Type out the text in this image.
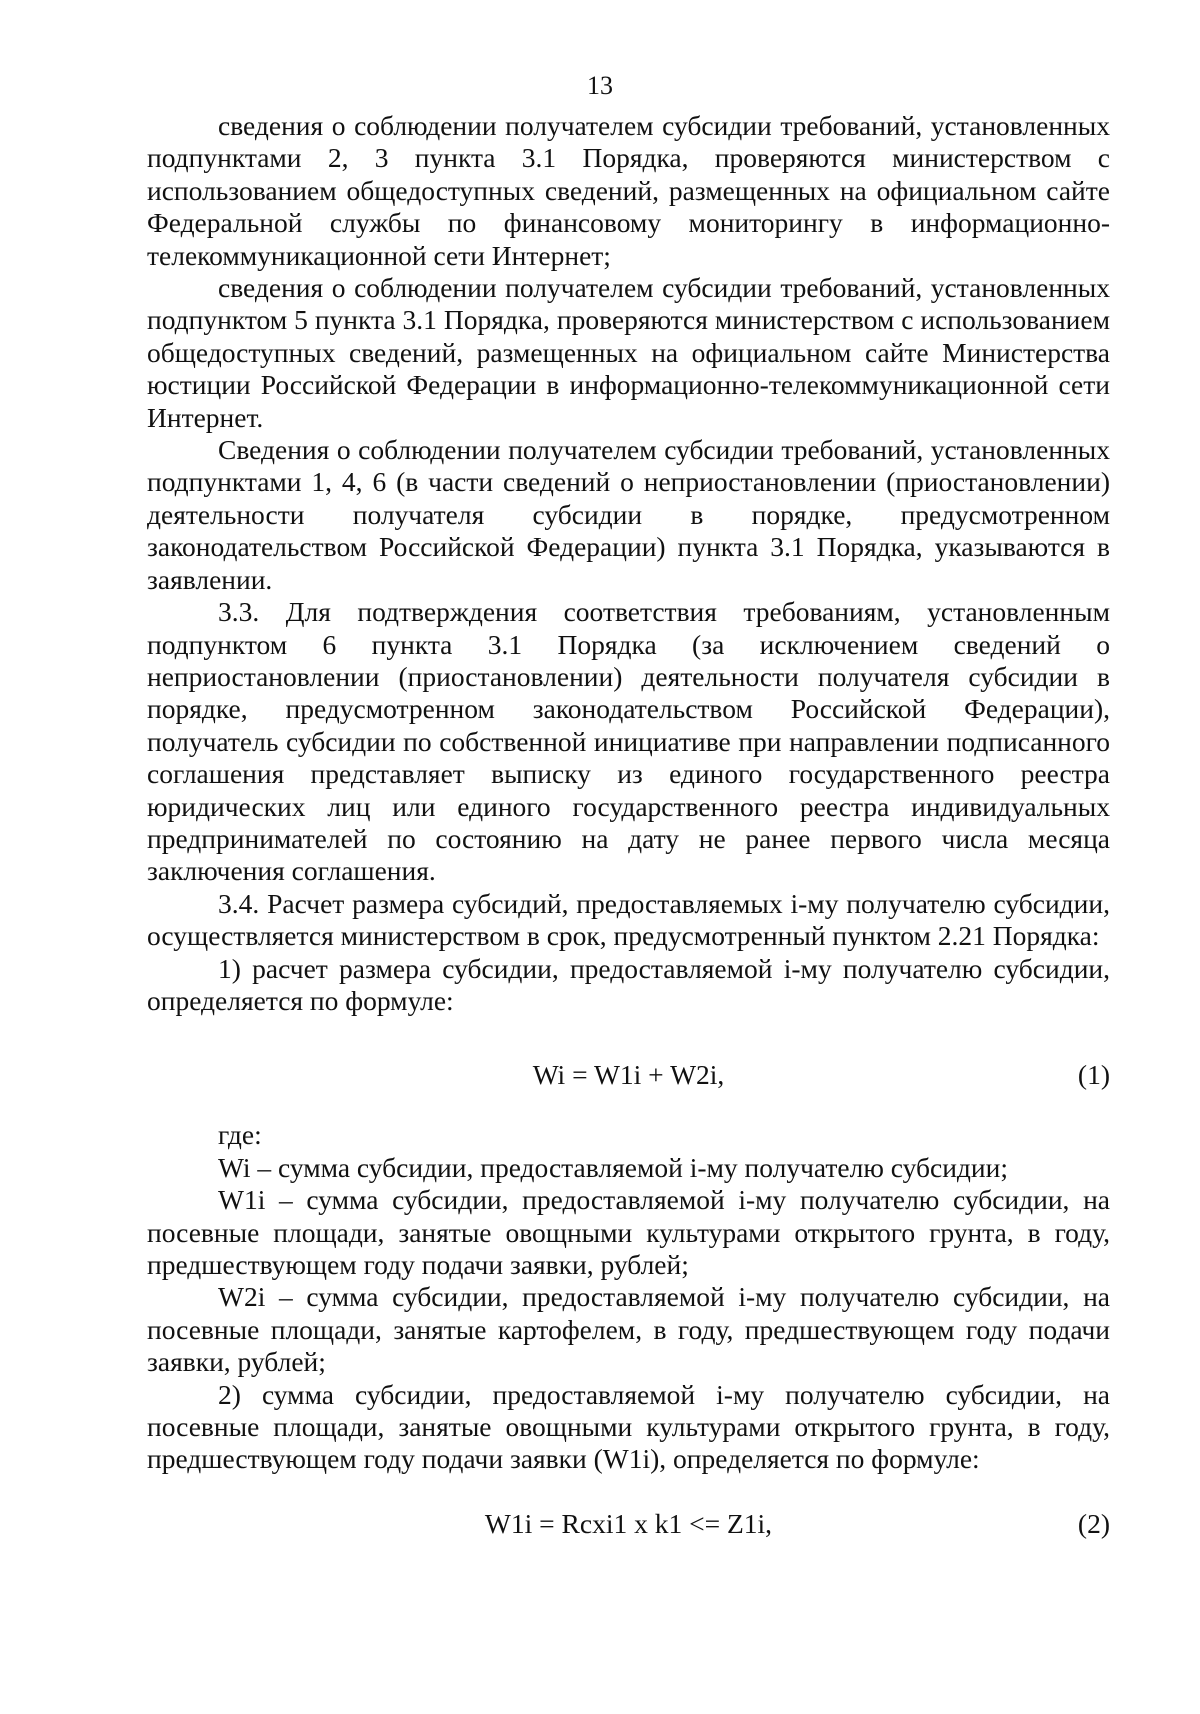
13

сведения о соблюдении получателем субсидии требований, установленных подпунктами 2, 3 пункта 3.1 Порядка, проверяются министерством с использованием общедоступных сведений, размещенных на официальном сайте Федеральной службы по финансовому мониторингу в информационно-телекоммуникационной сети Интернет;

сведения о соблюдении получателем субсидии требований, установленных подпунктом 5 пункта 3.1 Порядка, проверяются министерством с использованием общедоступных сведений, размещенных на официальном сайте Министерства юстиции Российской Федерации в информационно-телекоммуникационной сети Интернет.

Сведения о соблюдении получателем субсидии требований, установленных подпунктами 1, 4, 6 (в части сведений о неприостановлении (приостановлении) деятельности получателя субсидии в порядке, предусмотренном законодательством Российской Федерации) пункта 3.1 Порядка, указываются в заявлении.

3.3. Для подтверждения соответствия требованиям, установленным подпунктом 6 пункта 3.1 Порядка (за исключением сведений о неприостановлении (приостановлении) деятельности получателя субсидии в порядке, предусмотренном законодательством Российской Федерации), получатель субсидии по собственной инициативе при направлении подписанного соглашения представляет выписку из единого государственного реестра юридических лиц или единого государственного реестра индивидуальных предпринимателей по состоянию на дату не ранее первого числа месяца заключения соглашения.

3.4. Расчет размера субсидий, предоставляемых i-му получателю субсидии, осуществляется министерством в срок, предусмотренный пунктом 2.21 Порядка:

1) расчет размера субсидии, предоставляемой i-му получателю субсидии, определяется по формуле:

Wi = W1i + W2i,	(1)

где:

Wi – сумма субсидии, предоставляемой i-му получателю субсидии;

W1i – сумма субсидии, предоставляемой i-му получателю субсидии, на посевные площади, занятые овощными культурами открытого грунта, в году, предшествующем году подачи заявки, рублей;

W2i – сумма субсидии, предоставляемой i-му получателю субсидии, на посевные площади, занятые картофелем, в году, предшествующем году подачи заявки, рублей;

2) сумма субсидии, предоставляемой i-му получателю субсидии, на посевные площади, занятые овощными культурами открытого грунта, в году, предшествующем году подачи заявки (W1i), определяется по формуле:

W1i = Rcxi1 x k1 <= Z1i,	(2)
